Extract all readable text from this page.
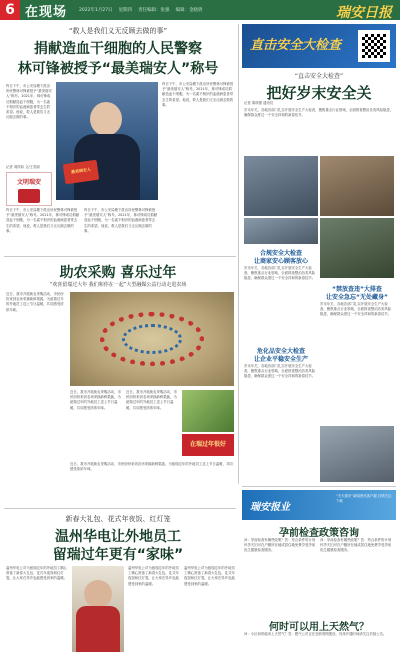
6 在现场	2022年1月27日 星期四 责任编辑：张强 编辑：金晓倩	瑞安日报
“救人是我们义无反顾去做的事”
捐献造血干细胞的人民警察
林可锋被授予“最美瑞安人”称号
昨日下午，市公安局塘下派出所民警林可锋被授予“最美瑞安人”称号。2021年，林可锋成功捐献造血干细胞，为一名素不相识的血液病患者带去生的希望。他说，救人是我们义无反顾去做的事。
记者 周梓如 文/王若丽
文明瑞安
最美瑞安人
昨日下午，市公安局塘下派出所民警林可锋被授予“最美瑞安人”称号。2021年，林可锋成功捐献造血干细胞，为一名素不相识的血液病患者带去生的希望。他说，救人是我们义无反顾去做的事。
昨日下午，市公安局塘下派出所民警林可锋被授予“最美瑞安人”称号。2021年，林可锋成功捐献造血干细胞，为一名素不相识的血液病患者带去生的希望。他说，救人是我们义无反顾去做的事。
昨日下午，市公安局塘下派出所民警林可锋被授予“最美瑞安人”称号。2021年，林可锋成功捐献造血干细胞，为一名素不相识的血液病患者带去生的希望。他说，救人是我们义无反顾去做的事。
助农采购 喜乐过年
“欢喜留瑞过大年 我们和你在一起”大型融媒公益行动走进农场
近日，我市开展助农采购活动，市民纷纷来到农场采摘新鲜果蔬，为留瑞过年的外地员工送上节日温暖，共同感受浓浓年味。
近日，我市开展助农采购活动，市民纷纷来到农场采摘新鲜果蔬，为留瑞过年的外地员工送上节日温暖，共同感受浓浓年味。
近日，我市开展助农采购活动，市民纷纷来到农场采摘新鲜果蔬，为留瑞过年的外地员工送上节日温暖，共同感受浓浓年味。
在瑞过年很好
近日，我市开展助农采购活动，市民纷纷来到农场采摘新鲜果蔬，为留瑞过年的外地员工送上节日温暖，共同感受浓浓年味。
新春大礼包、花式年夜饭、红灯笼
温州华电让外地员工
留瑞过年更有“家味”
温州华电公司为留瑞过年的外地员工精心准备了新春大礼包、花式年夜饭和红灯笼，让大家在异乡也能感受到家的温暖。
温州华电公司为留瑞过年的外地员工精心准备了新春大礼包、花式年夜饭和红灯笼，让大家在异乡也能感受到家的温暖。
温州华电公司为留瑞过年的外地员工精心准备了新春大礼包、花式年夜饭和红灯笼，让大家在异乡也能感受到家的温暖。
直击安全大检查
“直击安全大检查”
把好岁末安全关
记者 胡琪蕾 通讯员
岁末年关，各地各部门扎实开展安全生产大检查，聚焦重点行业领域，全面排查整治各类风险隐患，确保群众度过一个安全祥和的新春佳节。
合规安全大检查
让商家安心顾客放心
岁末年关，各地各部门扎实开展安全生产大检查，聚焦重点行业领域，全面排查整治各类风险隐患，确保群众度过一个安全祥和的新春佳节。
“禁放查违”大排查
让安全急忘“无处藏身”
岁末年关，各地各部门扎实开展安全生产大检查，聚焦重点行业领域，全面排查整治各类风险隐患，确保群众度过一个安全祥和的新春佳节。
危化品安全大检查
让企业平稳安全生产
岁末年关，各地各部门扎实开展安全生产大检查，聚焦重点行业领域，全面排查整治各类风险隐患，确保群众度过一个安全祥和的新春佳节。
瑞安报业
“天天瑞安”新闻资讯客户端 扫码关注下载
孕前检查政策咨询
问：孕前检查有哪些政策？答：符合条件的计划怀孕夫妇可在户籍所在地或居住地免费享受孕前优生健康检查服务。
问：孕前检查有哪些政策？答：符合条件的计划怀孕夫妇可在户籍所在地或居住地免费享受孕前优生健康检查服务。
何时可以用上天然气？
问：小区何时能用上天然气？答：燃气公司正在加快管网建设，具体开通时间请关注后续公告。
